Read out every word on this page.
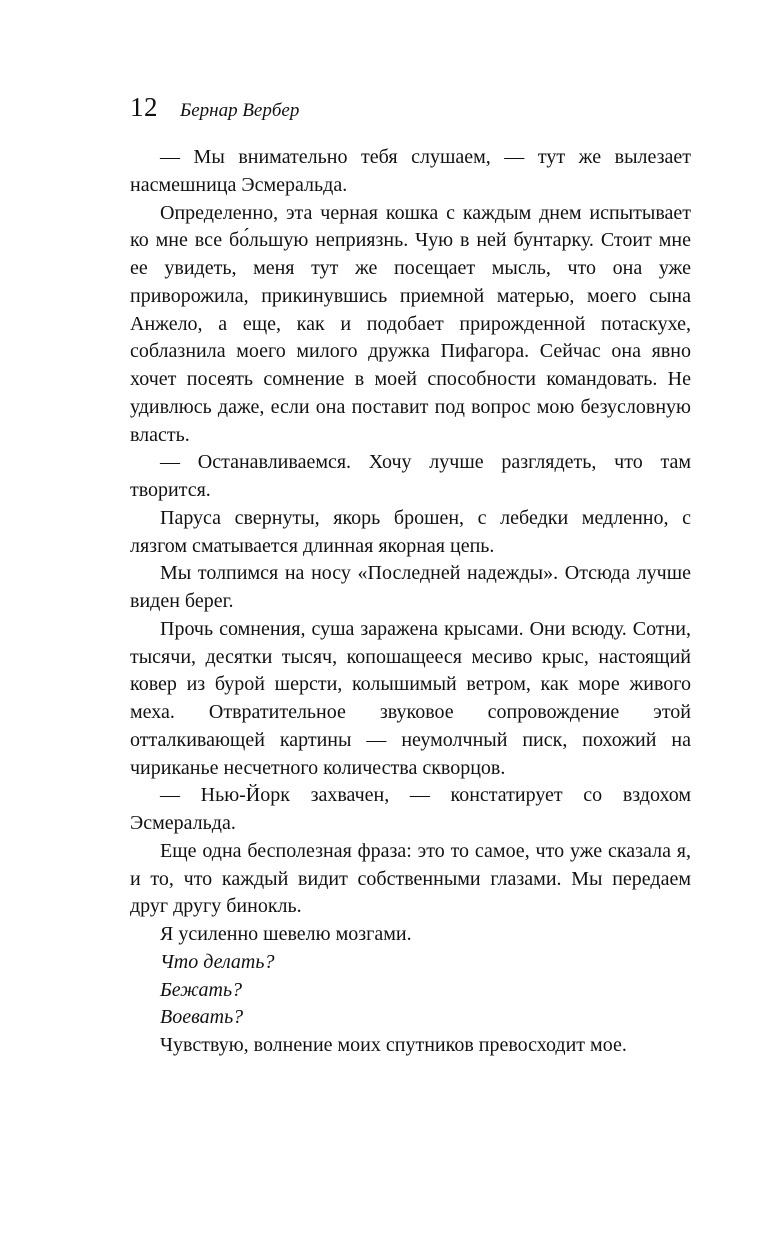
12 Бернар Вербер

— Мы внимательно тебя слушаем, — тут же вылезает насмешница Эсмеральда.

Определенно, эта черная кошка с каждым днем испытывает ко мне все бо́льшую неприязнь. Чую в ней бунтарку. Стоит мне ее увидеть, меня тут же посещает мысль, что она уже приворожила, прикинувшись приемной матерью, моего сына Анжело, а еще, как и подобает прирожденной потаскухе, соблазнила моего милого дружка Пифагора. Сейчас она явно хочет посеять сомнение в моей способности командовать. Не удивлюсь даже, если она поставит под вопрос мою безусловную власть.

— Останавливаемся. Хочу лучше разглядеть, что там творится.

Паруса свернуты, якорь брошен, с лебедки медленно, с лязгом сматывается длинная якорная цепь.

Мы толпимся на носу «Последней надежды». Отсюда лучше виден берег.

Прочь сомнения, суша заражена крысами. Они всюду. Сотни, тысячи, десятки тысяч, копошащееся месиво крыс, настоящий ковер из бурой шерсти, колышимый ветром, как море живого меха. Отвратительное звуковое сопровождение этой отталкивающей картины — неумолчный писк, похожий на чириканье несчетного количества скворцов.

— Нью-Йорк захвачен, — констатирует со вздохом Эсмеральда.

Еще одна бесполезная фраза: это то самое, что уже сказала я, и то, что каждый видит собственными глазами. Мы передаем друг другу бинокль.

Я усиленно шевелю мозгами.

Что делать?

Бежать?

Воевать?

Чувствую, волнение моих спутников превосходит мое.
